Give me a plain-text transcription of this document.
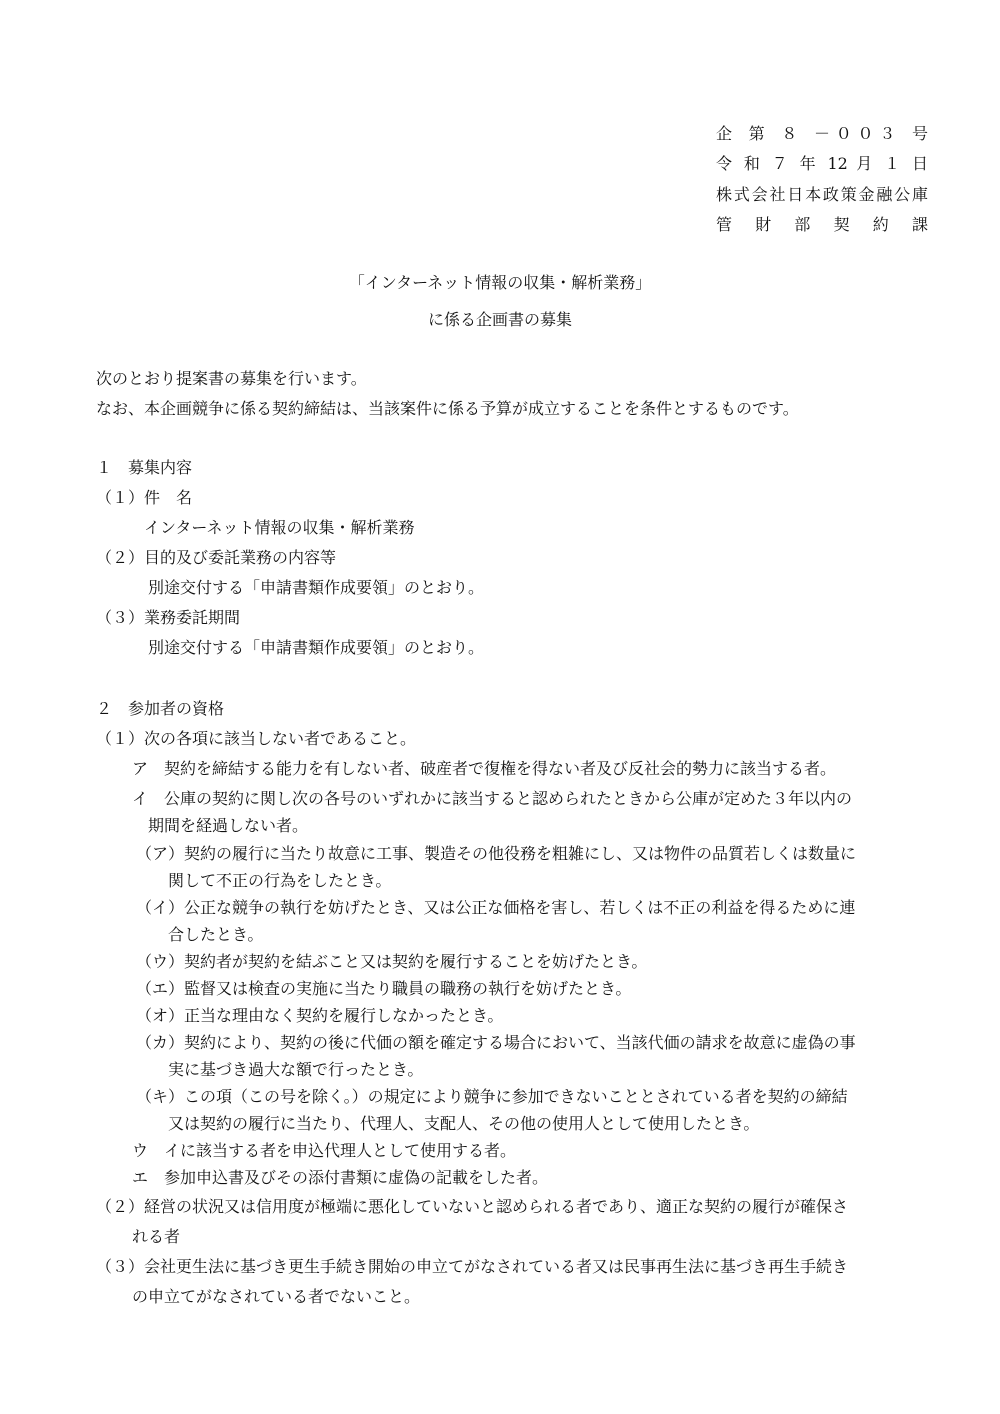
企 第 ８ －００３ 号
令 和 ７ 年 12 月 １ 日
株式会社日本政策金融公庫
管 財 部 契 約 課
「インターネット情報の収集・解析業務」
に係る企画書の募集
次のとおり提案書の募集を行います。
なお、本企画競争に係る契約締結は、当該案件に係る予算が成立することを条件とするものです。
１　募集内容
（１）件　名
インターネット情報の収集・解析業務
（２）目的及び委託業務の内容等
別途交付する「申請書類作成要領」のとおり。
（３）業務委託期間
別途交付する「申請書類作成要領」のとおり。
２　参加者の資格
（１）次の各項に該当しない者であること。
ア　契約を締結する能力を有しない者、破産者で復権を得ない者及び反社会的勢力に該当する者。
イ　公庫の契約に関し次の各号のいずれかに該当すると認められたときから公庫が定めた３年以内の
期間を経過しない者。
（ア）契約の履行に当たり故意に工事、製造その他役務を粗雑にし、又は物件の品質若しくは数量に
関して不正の行為をしたとき。
（イ）公正な競争の執行を妨げたとき、又は公正な価格を害し、若しくは不正の利益を得るために連
合したとき。
（ウ）契約者が契約を結ぶこと又は契約を履行することを妨げたとき。
（エ）監督又は検査の実施に当たり職員の職務の執行を妨げたとき。
（オ）正当な理由なく契約を履行しなかったとき。
（カ）契約により、契約の後に代価の額を確定する場合において、当該代価の請求を故意に虚偽の事
実に基づき過大な額で行ったとき。
（キ）この項（この号を除く。）の規定により競争に参加できないこととされている者を契約の締結
又は契約の履行に当たり、代理人、支配人、その他の使用人として使用したとき。
ウ　イに該当する者を申込代理人として使用する者。
エ　参加申込書及びその添付書類に虚偽の記載をした者。
（２）経営の状況又は信用度が極端に悪化していないと認められる者であり、適正な契約の履行が確保さ
れる者
（３）会社更生法に基づき更生手続き開始の申立てがなされている者又は民事再生法に基づき再生手続き
の申立てがなされている者でないこと。
